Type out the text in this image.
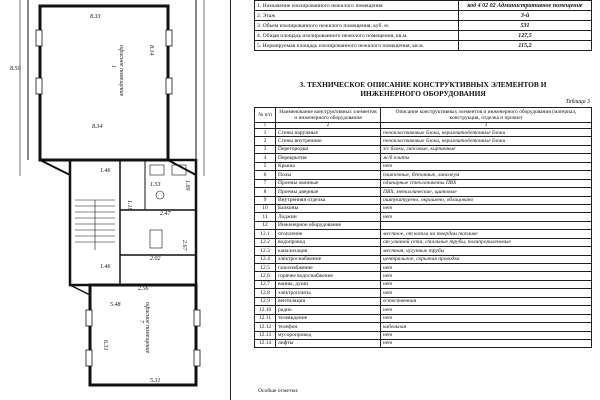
8.33
8.14
8.50
8.34
1.46
2.67
1.46
2.47
2.56
5.48
5.31
6.31
1.19
1.89
2.02
1.53
офисное помещение
1
офисное помещение
7
1. Назначение изолированного нежилого помещения	код 4 02 02 Административное помещение
2. Этаж	3-й
3. Объем изолированного нежилого помещения, куб. м.	531
4. Общая площадь изолированного нежилого помещения, кв.м.	127,5
5. Нормируемая площадь изолированного нежилого помещения, кв.м.	115,2
3. ТЕХНИЧЕСКОЕ ОПИСАНИЕ КОНСТРУКТИВНЫХ ЭЛЕМЕНТОВ И
ИНЖЕНЕРНОГО ОБОРУДОВАНИЯ
Таблица 3
№ п/п	Наименование конструктивных элементов и инженерного оборудования	Описание конструктивных элементов и инженерного оборудования (материал, конструкция, отделка и прочие)
1	2	3
1	Стены наружные	пенопластиковые блоки, керамзитобетонные блоки
2	Стены внутренние	пенопластиковые блоки, керамзитобетонные блоки
3	Перегородки	з/с блоки, гипсовые, кирпичные
4	Перекрытия	ж/б плиты
5	Крыша	нет
6	Полы	плиточные, бетонные, линолеум
7	Проемы оконные	одинарные стеклопакеты ПВХ
8	Проемы дверные	ПВХ, металлические, щитовые
9	Внутренняя отделка	оштукатурено, окрашено, облицовано
10	Балконы	нет
11	Лоджии	нет
12	Инженерное оборудование	
12.1	отопление	местное, от котла на твердом топливе
12.2	водопровод	от уличной сети, стальные трубы, полипропиленовые
12.3	канализация	местная, чугунные трубы
12.4	электроснабжение	центральное, скрытая проводка
12.5	газоснабжение	нет
12.6	горячее водоснабжение	нет
12.7	ванны, души	нет
12.8	электроплиты	нет
12.9	вентиляция	естественная
12.10	радио	нет
12.11	телевидение	нет
12.12	телефон	кабельная
12.13	мусоропровод	нет
12.14	лифты	нет
Особые отметки:
